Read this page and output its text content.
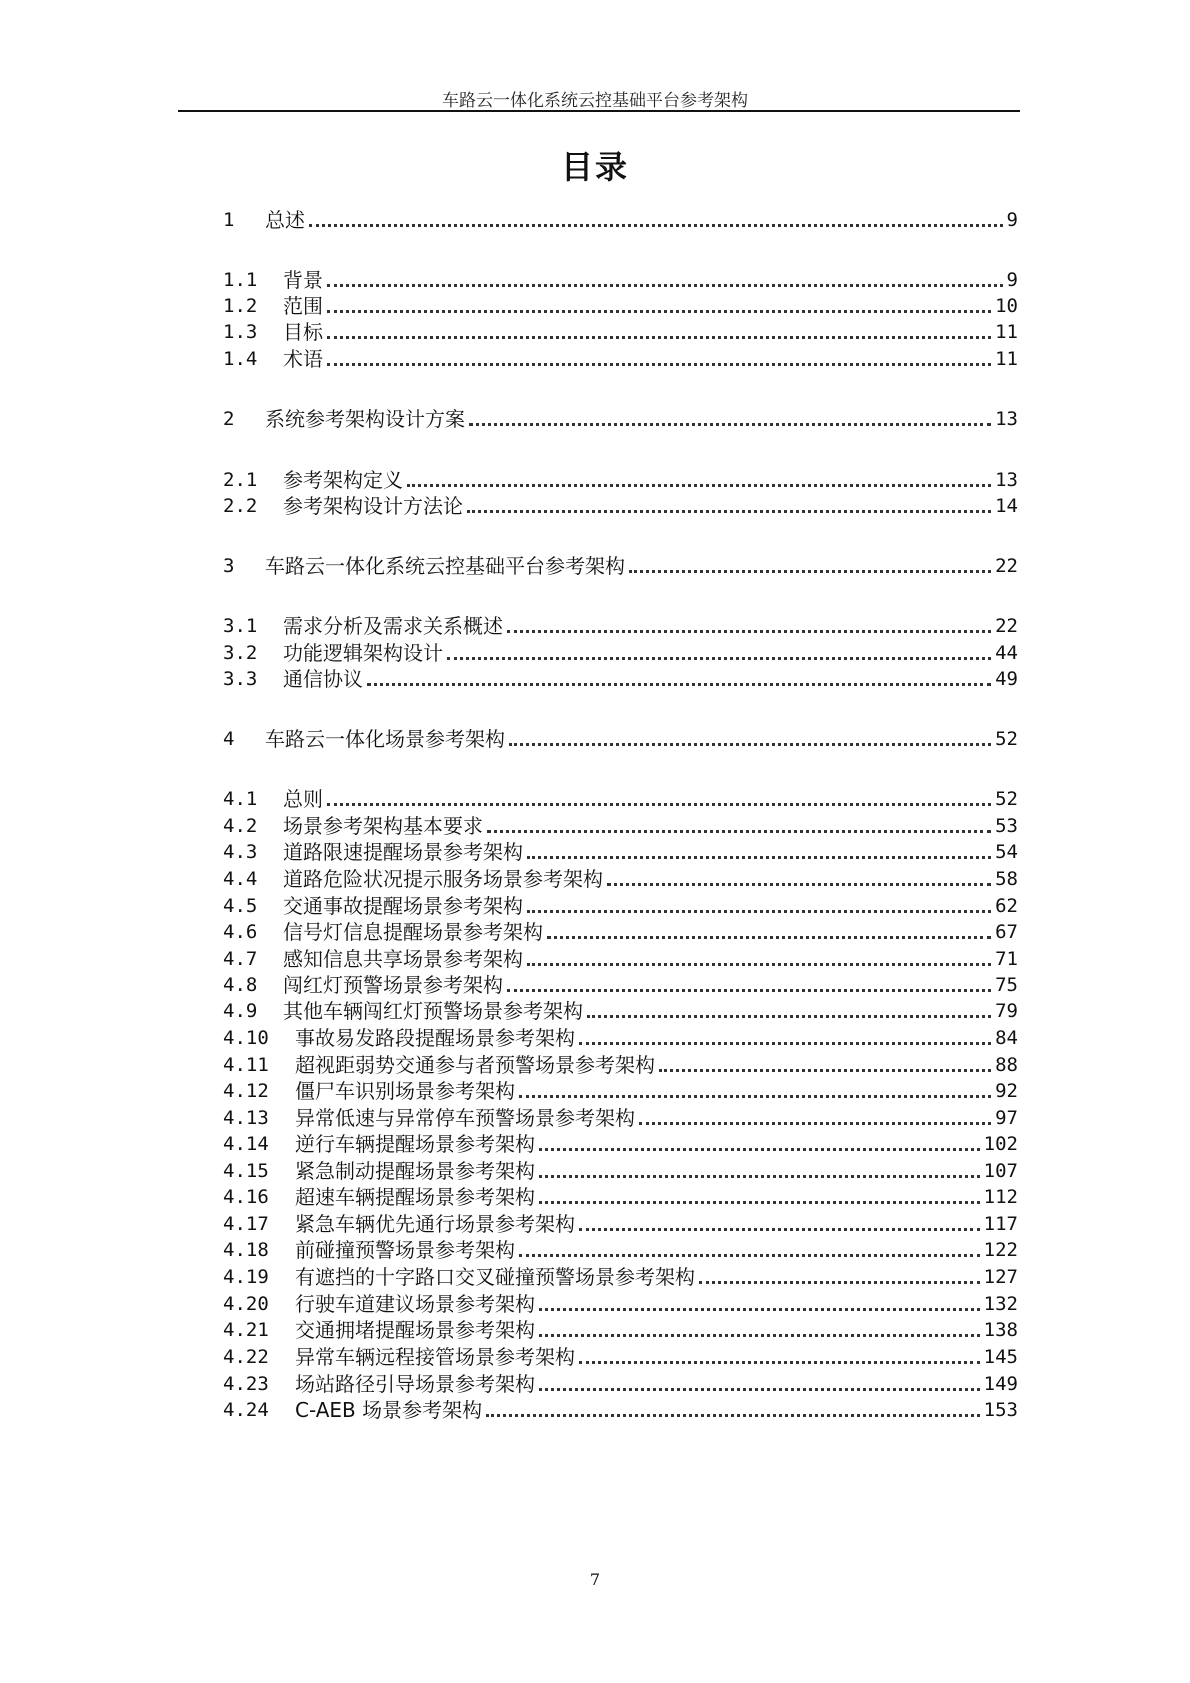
车路云一体化系统云控基础平台参考架构
目录
1	总述	9
1.1	背景	9
1.2	范围	10
1.3	目标	11
1.4	术语	11
2	系统参考架构设计方案	13
2.1	参考架构定义	13
2.2	参考架构设计方法论	14
3	车路云一体化系统云控基础平台参考架构	22
3.1	需求分析及需求关系概述	22
3.2	功能逻辑架构设计	44
3.3	通信协议	49
4	车路云一体化场景参考架构	52
4.1	总则	52
4.2	场景参考架构基本要求	53
4.3	道路限速提醒场景参考架构	54
4.4	道路危险状况提示服务场景参考架构	58
4.5	交通事故提醒场景参考架构	62
4.6	信号灯信息提醒场景参考架构	67
4.7	感知信息共享场景参考架构	71
4.8	闯红灯预警场景参考架构	75
4.9	其他车辆闯红灯预警场景参考架构	79
4.10	事故易发路段提醒场景参考架构	84
4.11	超视距弱势交通参与者预警场景参考架构	88
4.12	僵尸车识别场景参考架构	92
4.13	异常低速与异常停车预警场景参考架构	97
4.14	逆行车辆提醒场景参考架构	102
4.15	紧急制动提醒场景参考架构	107
4.16	超速车辆提醒场景参考架构	112
4.17	紧急车辆优先通行场景参考架构	117
4.18	前碰撞预警场景参考架构	122
4.19	有遮挡的十字路口交叉碰撞预警场景参考架构	127
4.20	行驶车道建议场景参考架构	132
4.21	交通拥堵提醒场景参考架构	138
4.22	异常车辆远程接管场景参考架构	145
4.23	场站路径引导场景参考架构	149
4.24	C-AEB 场景参考架构	153
7
